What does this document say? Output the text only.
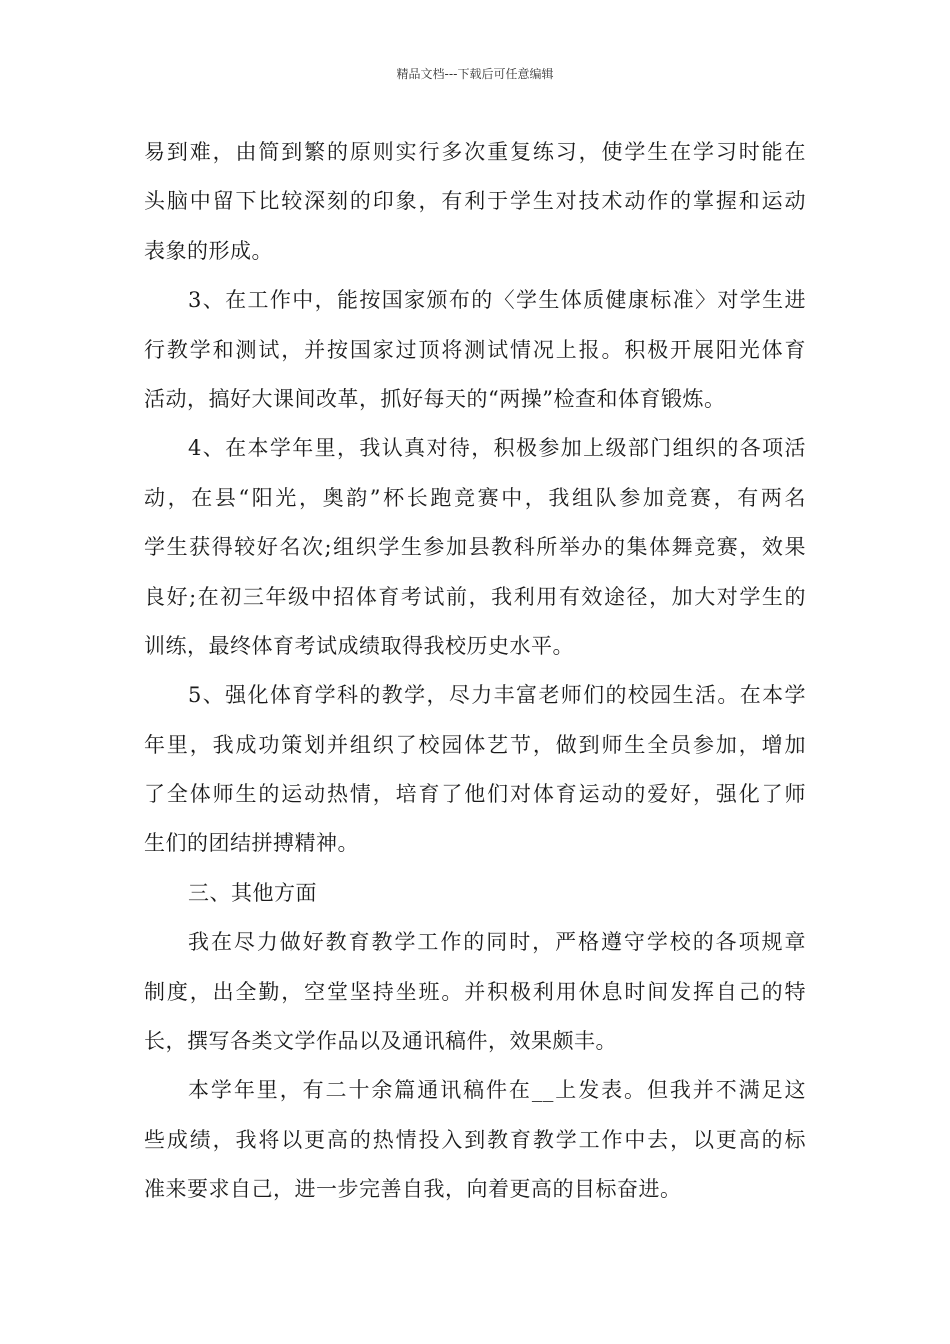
精品文档---下载后可任意编辑
易到难，由简到繁的原则实行多次重复练习，使学生在学习时能在
头脑中留下比较深刻的印象，有利于学生对技术动作的掌握和运动
表象的形成。
3、在工作中，能按国家颁布的〈学生体质健康标准〉对学生进
行教学和测试，并按国家过顶将测试情况上报。积极开展阳光体育
活动，搞好大课间改革，抓好每天的“两操”检查和体育锻炼。
4、在本学年里，我认真对待，积极参加上级部门组织的各项活
动，在县“阳光，奥韵”杯长跑竞赛中，我组队参加竞赛，有两名
学生获得较好名次;组织学生参加县教科所举办的集体舞竞赛，效果
良好;在初三年级中招体育考试前，我利用有效途径，加大对学生的
训练，最终体育考试成绩取得我校历史水平。
5、强化体育学科的教学，尽力丰富老师们的校园生活。在本学
年里，我成功策划并组织了校园体艺节，做到师生全员参加，增加
了全体师生的运动热情，培育了他们对体育运动的爱好，强化了师
生们的团结拼搏精神。
三、其他方面
我在尽力做好教育教学工作的同时，严格遵守学校的各项规章
制度，出全勤，空堂坚持坐班。并积极利用休息时间发挥自己的特
长，撰写各类文学作品以及通讯稿件，效果颇丰。
本学年里，有二十余篇通讯稿件在__上发表。但我并不满足这
些成绩，我将以更高的热情投入到教育教学工作中去，以更高的标
准来要求自己，进一步完善自我，向着更高的目标奋进。
